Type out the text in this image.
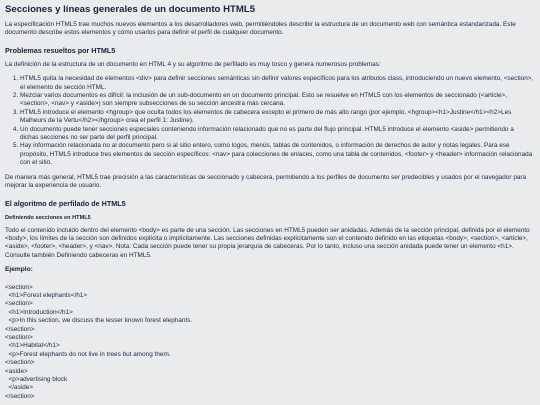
Secciones y líneas generales de un documento HTML5

La especificación HTML5 trae muchos nuevos elementos a los desarrolladores web, permitiéndoles describir la estructura de un documento web con semántica estandarizada. Este documento describe estos elementos y cómo usarlos para definir el perfil de cualquier documento.

Problemas resueltos por HTML5

La definición de la estructura de un documento en HTML 4 y su algoritmo de perfilado es muy tosco y genera numerosos problemas:

1. HTML5 quita la necesidad de elementos <div> para definir secciones semánticas sin definir valores específicos para los atributos class, introduciendo un nuevo elemento, <section>, el elemento de sección HTML.
2. Mezclar varios documentos es difícil: la inclusión de un sub-documento en un documento principal. Esto se resuelve en HTML5 con los elementos de seccionado (<article>, <section>, <nav> y <aside>) son siempre subsecciones de su sección ancestra más cercana.
3. HTML5 introduce el elemento <hgroup> que oculta todos los elementos de cabecera excepto el primero de más alto rango (por ejemplo, <hgroup><h1>Justine</h1><h2>Les Malheurs de la Vertu</h2></hgroup> crea el perfil 1: Justine).
4. Un documento puede tener secciones especiales conteniendo información relacionado que no es parte del flujo principal. HTML5 introduce el elemento <aside> permitiendo a dichas secciones no ser parte del perfil principal.
5. Hay información relacionada no al documento pero si al sitio entero, como logos, menús, tablas de contenidos, o información de derechos de autor y notas legales. Para ese propósito, HTML5 introduce tres elementos de sección específicos: <nav> para colecciones de enlaces, como una tabla de contenidos, <footer> y <header> información relacionada con el sitio.

De manera más general, HTML5 trae precisión a las características de seccionado y cabecera, permitiendo a los perfiles de documento ser predecibles y usados por el navegador para mejorar la experiencia de usuario.

El algoritmo de perfilado de HTML5
Definiendo secciones en HTML5

Todo el contenido incluido dentro del elemento <body> es parte de una sección. Las secciones en HTML5 pueden ser anidadas. Además de la sección principal, definida por el elemento <body>, los límites de la sección son definidos explícita o implícitamente. Las secciones definidas explícitamente son el contenido definido en las etiquetas <body>, <section>, <article>, <aside>, <footer>, <header>, y <nav>. Nota: Cada sección puede tener su propia jerarquía de cabeceras. Por lo tanto, incluso una sección anidada puede tener un elemento <h1>. Consulte también Definiendo cabeceras en HTML5.

Ejemplo:
<section>
<h1>Forest elephants</h1>
<section>
<h1>Introduction</h1>
<p>In this section, we discuss the lesser known forest elephants.
</section>
<section>
<h1>Habitat</h1>
<p>Forest elephants do not live in trees but among them.
</section>
<aside>
<p>advertising block
</aside>
</section>
